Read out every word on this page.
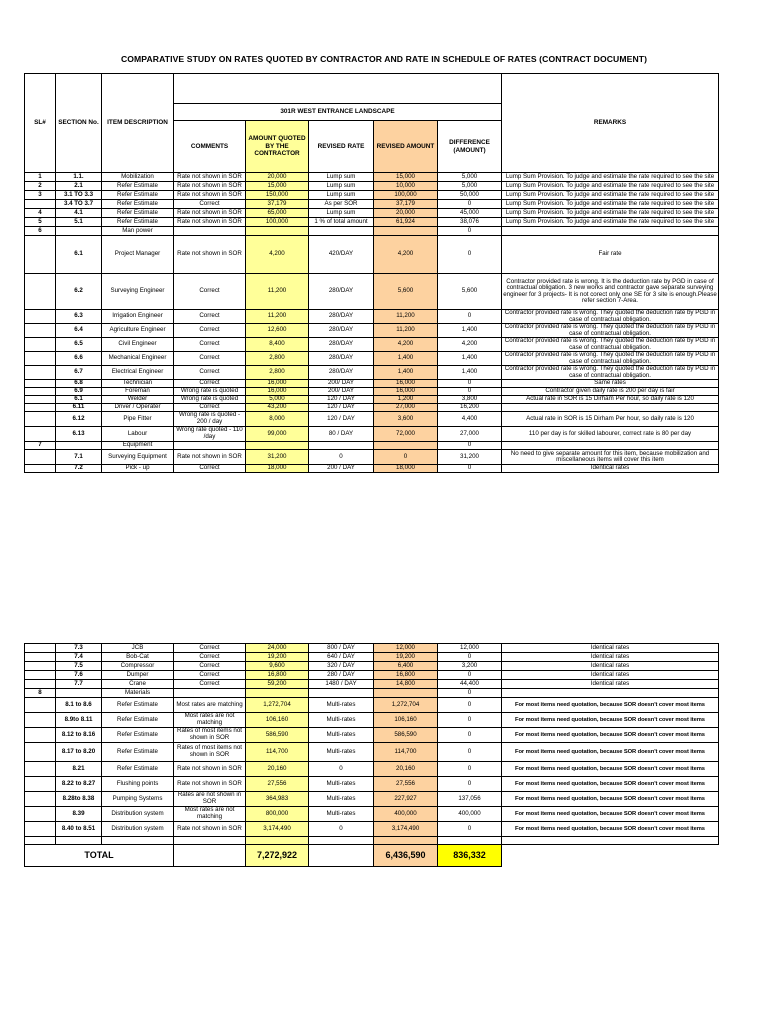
COMPARATIVE STUDY ON RATES QUOTED BY CONTRACTOR AND RATE IN SCHEDULE OF RATES (CONTRACT DOCUMENT)
SL#	SECTION No.	ITEM DESCRIPTION						REMARKS
			301R WEST ENTRANCE LANDSCAPE					
			COMMENTS	AMOUNT QUOTED BY THE CONTRACTOR	REVISED RATE	REVISED AMOUNT	DIFFERENCE (AMOUNT)	
1	1.1.	Mobilization	Rate not shown in SOR	20,000	Lump sum	15,000	5,000	Lump Sum Provision. To judge and estimate the rate required to see the site
2	2.1	Refer Estimate	Rate not shown in SOR	15,000	Lump sum	10,000	5,000	Lump Sum Provision. To judge and estimate the rate required to see the site
3	3.1 TO 3.3	Refer Estimate	Rate not shown in SOR	150,000	Lump sum	100,000	50,000	Lump Sum Provision. To judge and estimate the rate required to see the site
	3.4 TO 3.7	Refer Estimate	Correct	37,179	As per SOR	37,179	0	Lump Sum Provision. To judge and estimate the rate required to see the site
4	4.1	Refer Estimate	Rate not shown in SOR	65,000	Lump sum	20,000	45,000	Lump Sum Provision. To judge and estimate the rate required to see the site
5	5.1	Refer Estimate	Rate not shown in SOR	100,000	1 % of total amount	61,924	38,076	Lump Sum Provision. To judge and estimate the rate required to see the site
6		Man power					0	
	6.1	Project Manager	Rate not shown in SOR	4,200	420/DAY	4,200	0	Fair rate
	6.2	Surveying Engineer	Correct	11,200	280/DAY	5,600	5,600	Contractor provided rate is wrong. It is the deduction rate by PGD in case of contractual obligation. 3 new works and contractor gave separate surveying engineer for 3 projects- It is not corect only one SE for 3 site is enough.Please refer section 7-Area.
	6.3	Irrigation Engineer	Correct	11,200	280/DAY	11,200	0	Contractor provided rate is wrong. They quoted the deduction rate by PGD in case of contractual obligation.
	6.4	Agriculture Engineer	Correct	12,600	280/DAY	11,200	1,400	Contractor provided rate is wrong. They quoted the deduction rate by PGD in case of contractual obligation.
	6.5	Civil Engineer	Correct	8,400	280/DAY	4,200	4,200	Contractor provided rate is wrong. They quoted the deduction rate by PGD in case of contractual obligation.
	6.6	Mechanical Engineer	Correct	2,800	280/DAY	1,400	1,400	Contractor provided rate is wrong. They quoted the deduction rate by PGD in case of contractual obligation.
	6.7	Electrical Engineer	Correct	2,800	280/DAY	1,400	1,400	Contractor provided rate is wrong. They quoted the deduction rate by PGD in case of contractual obligation.
	6.8	Technician	Correct	16,000	200/ DAY	16,000	0	Same rates
	6.9	Foreman	Wrong rate is quoted	16,000	200/ DAY	16,000	0	Contractor given daily rate is 200 per day is fair
	6.1	Welder	Wrong rate is quoted	5,000	120 / DAY	1,200	3,800	Actual rate in SOR is 15 Dirham Per hour, so daily rate is 120
	6.11	Driver / Operater	Correct	43,200	120 / DAY	27,000	16,200	
	6.12	Pipe Fitter	Wrong rate is quoted - 200 / day	8,000	120 / DAY	3,600	4,400	Actual rate in SOR is 15 Dirham Per hour, so daily rate is 120
	6.13	Labour	Wrong rate quoted - 110 /day	99,000	80 / DAY	72,000	27,000	110 per day is for skilled labourer, correct rate is 80 per day
7		Equipment					0	
	7.1	Surveying Equipment	Rate not shown in SOR	31,200	0	0	31,200	No need to give separate amount for this item, because mobilization and miscellaneous items will cover this item
	7.2	Pick - up	Correct	18,000	200 / DAY	18,000	0	Identical rates
	7.3	JCB	Correct	24,000	800 / DAY	12,000	12,000	Identical rates
	7.4	Bob-Cat	Correct	19,200	640 / DAY	19,200	0	Identical rates
	7.5	Compressor	Correct	9,600	320 / DAY	6,400	3,200	Identical rates
	7.6	Dumper	Correct	16,800	280 / DAY	16,800	0	Identical rates
	7.7	Crane	Correct	59,200	1480 / DAY	14,800	44,400	Identical rates
8		Materials					0	
	8.1 to 8.6	Refer Estimate	Most rates are matching	1,272,704	Multi-rates	1,272,704	0	For most items need quotation, because SOR doesn't cover most items
	8.9to 8.11	Refer Estimate	Most rates are not matching	106,160	Multi-rates	106,160	0	For most items need quotation, because SOR doesn't cover most items
	8.12 to 8.16	Refer Estimate	Rates of most items not shown in SOR	586,590	Multi-rates	586,590	0	For most items need quotation, because SOR doesn't cover most items
	8.17 to 8.20	Refer Estimate	Rates of most items not shown in SOR	114,700	Multi-rates	114,700	0	For most items need quotation, because SOR doesn't cover most items
	8.21	Refer Estimate	Rate not shown in SOR	20,160	0	20,160	0	For most items need quotation, because SOR doesn't cover most items
	8.22 to 8.27	Flushing points	Rate not shown in SOR	27,556	Multi-rates	27,556	0	For most items need quotation, because SOR doesn't cover most items
	8.28to 8.38	Pumping Systems	Rates are not shown in SOR	364,983	Multi-rates	227,927	137,056	For most items need quotation, because SOR doesn't cover most items
	8.39	Distribution system	Most rates are not matching	800,000	Multi-rates	400,000	400,000	For most items need quotation, because SOR doesn't cover most items
	8.40 to 8.51	Distribution system	Rate not shown in SOR	3,174,490	0	3,174,490	0	For most items need quotation, because SOR doesn't cover most items

TOTAL				7,272,922		6,436,590	836,332	
